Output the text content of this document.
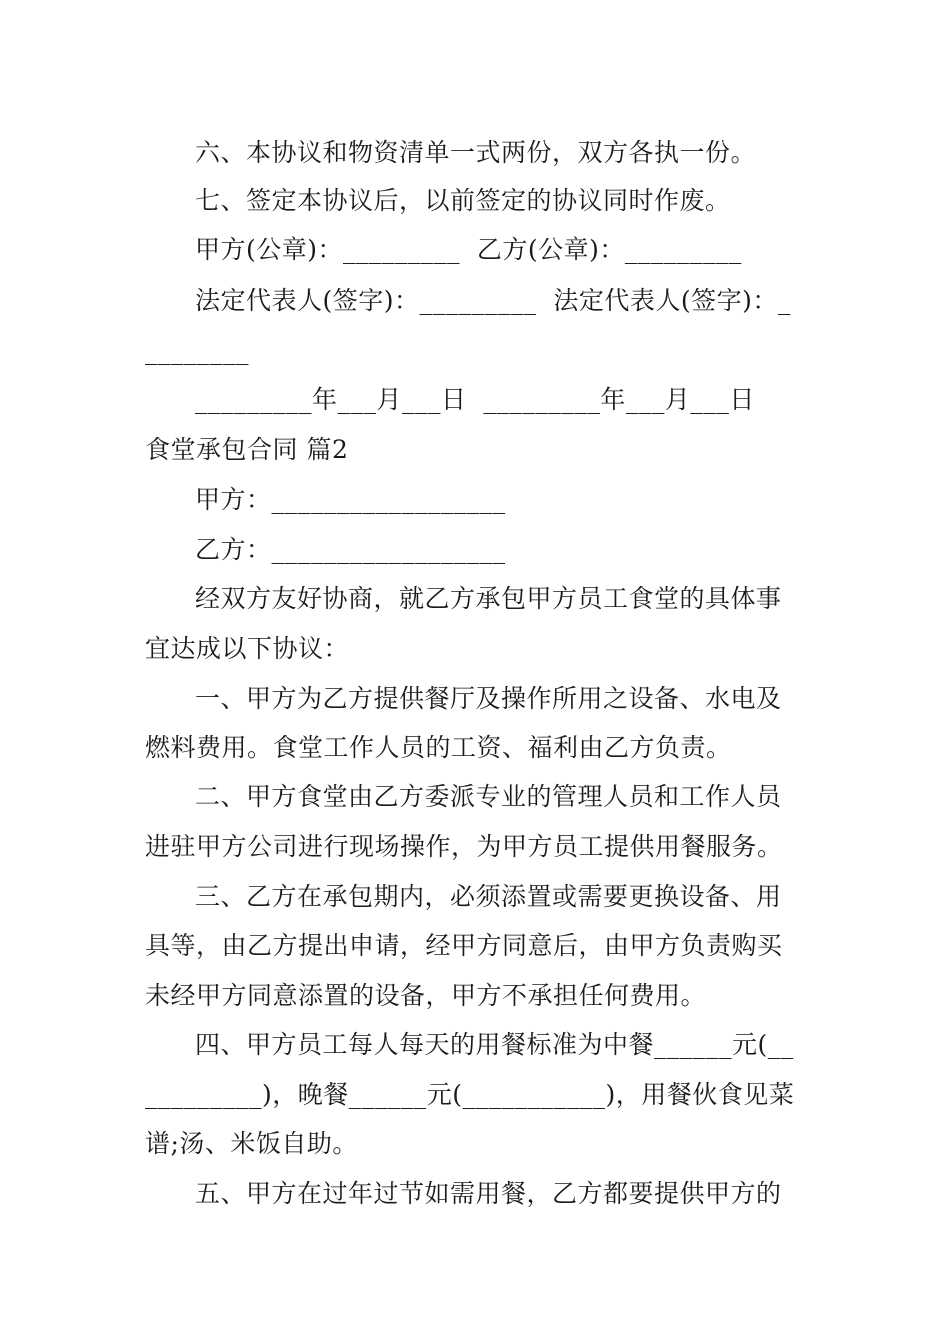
六、本协议和物资清单一式两份，双方各执一份。
七、签定本协议后，以前签定的协议同时作废。
甲方(公章)：_________  乙方(公章)：_________
法定代表人(签字)：_________  法定代表人(签字)：_
________
_________年___月___日  _________年___月___日
食堂承包合同 篇2
甲方：__________________
乙方：__________________
经双方友好协商，就乙方承包甲方员工食堂的具体事
宜达成以下协议：
一、甲方为乙方提供餐厅及操作所用之设备、水电及
燃料费用。食堂工作人员的工资、福利由乙方负责。
二、甲方食堂由乙方委派专业的管理人员和工作人员
进驻甲方公司进行现场操作，为甲方员工提供用餐服务。
三、乙方在承包期内，必须添置或需要更换设备、用
具等，由乙方提出申请，经甲方同意后，由甲方负责购买
未经甲方同意添置的设备，甲方不承担任何费用。
四、甲方员工每人每天的用餐标准为中餐______元(__
_________)，晚餐______元(___________)，用餐伙食见菜
谱;汤、米饭自助。
五、甲方在过年过节如需用餐，乙方都要提供甲方的
